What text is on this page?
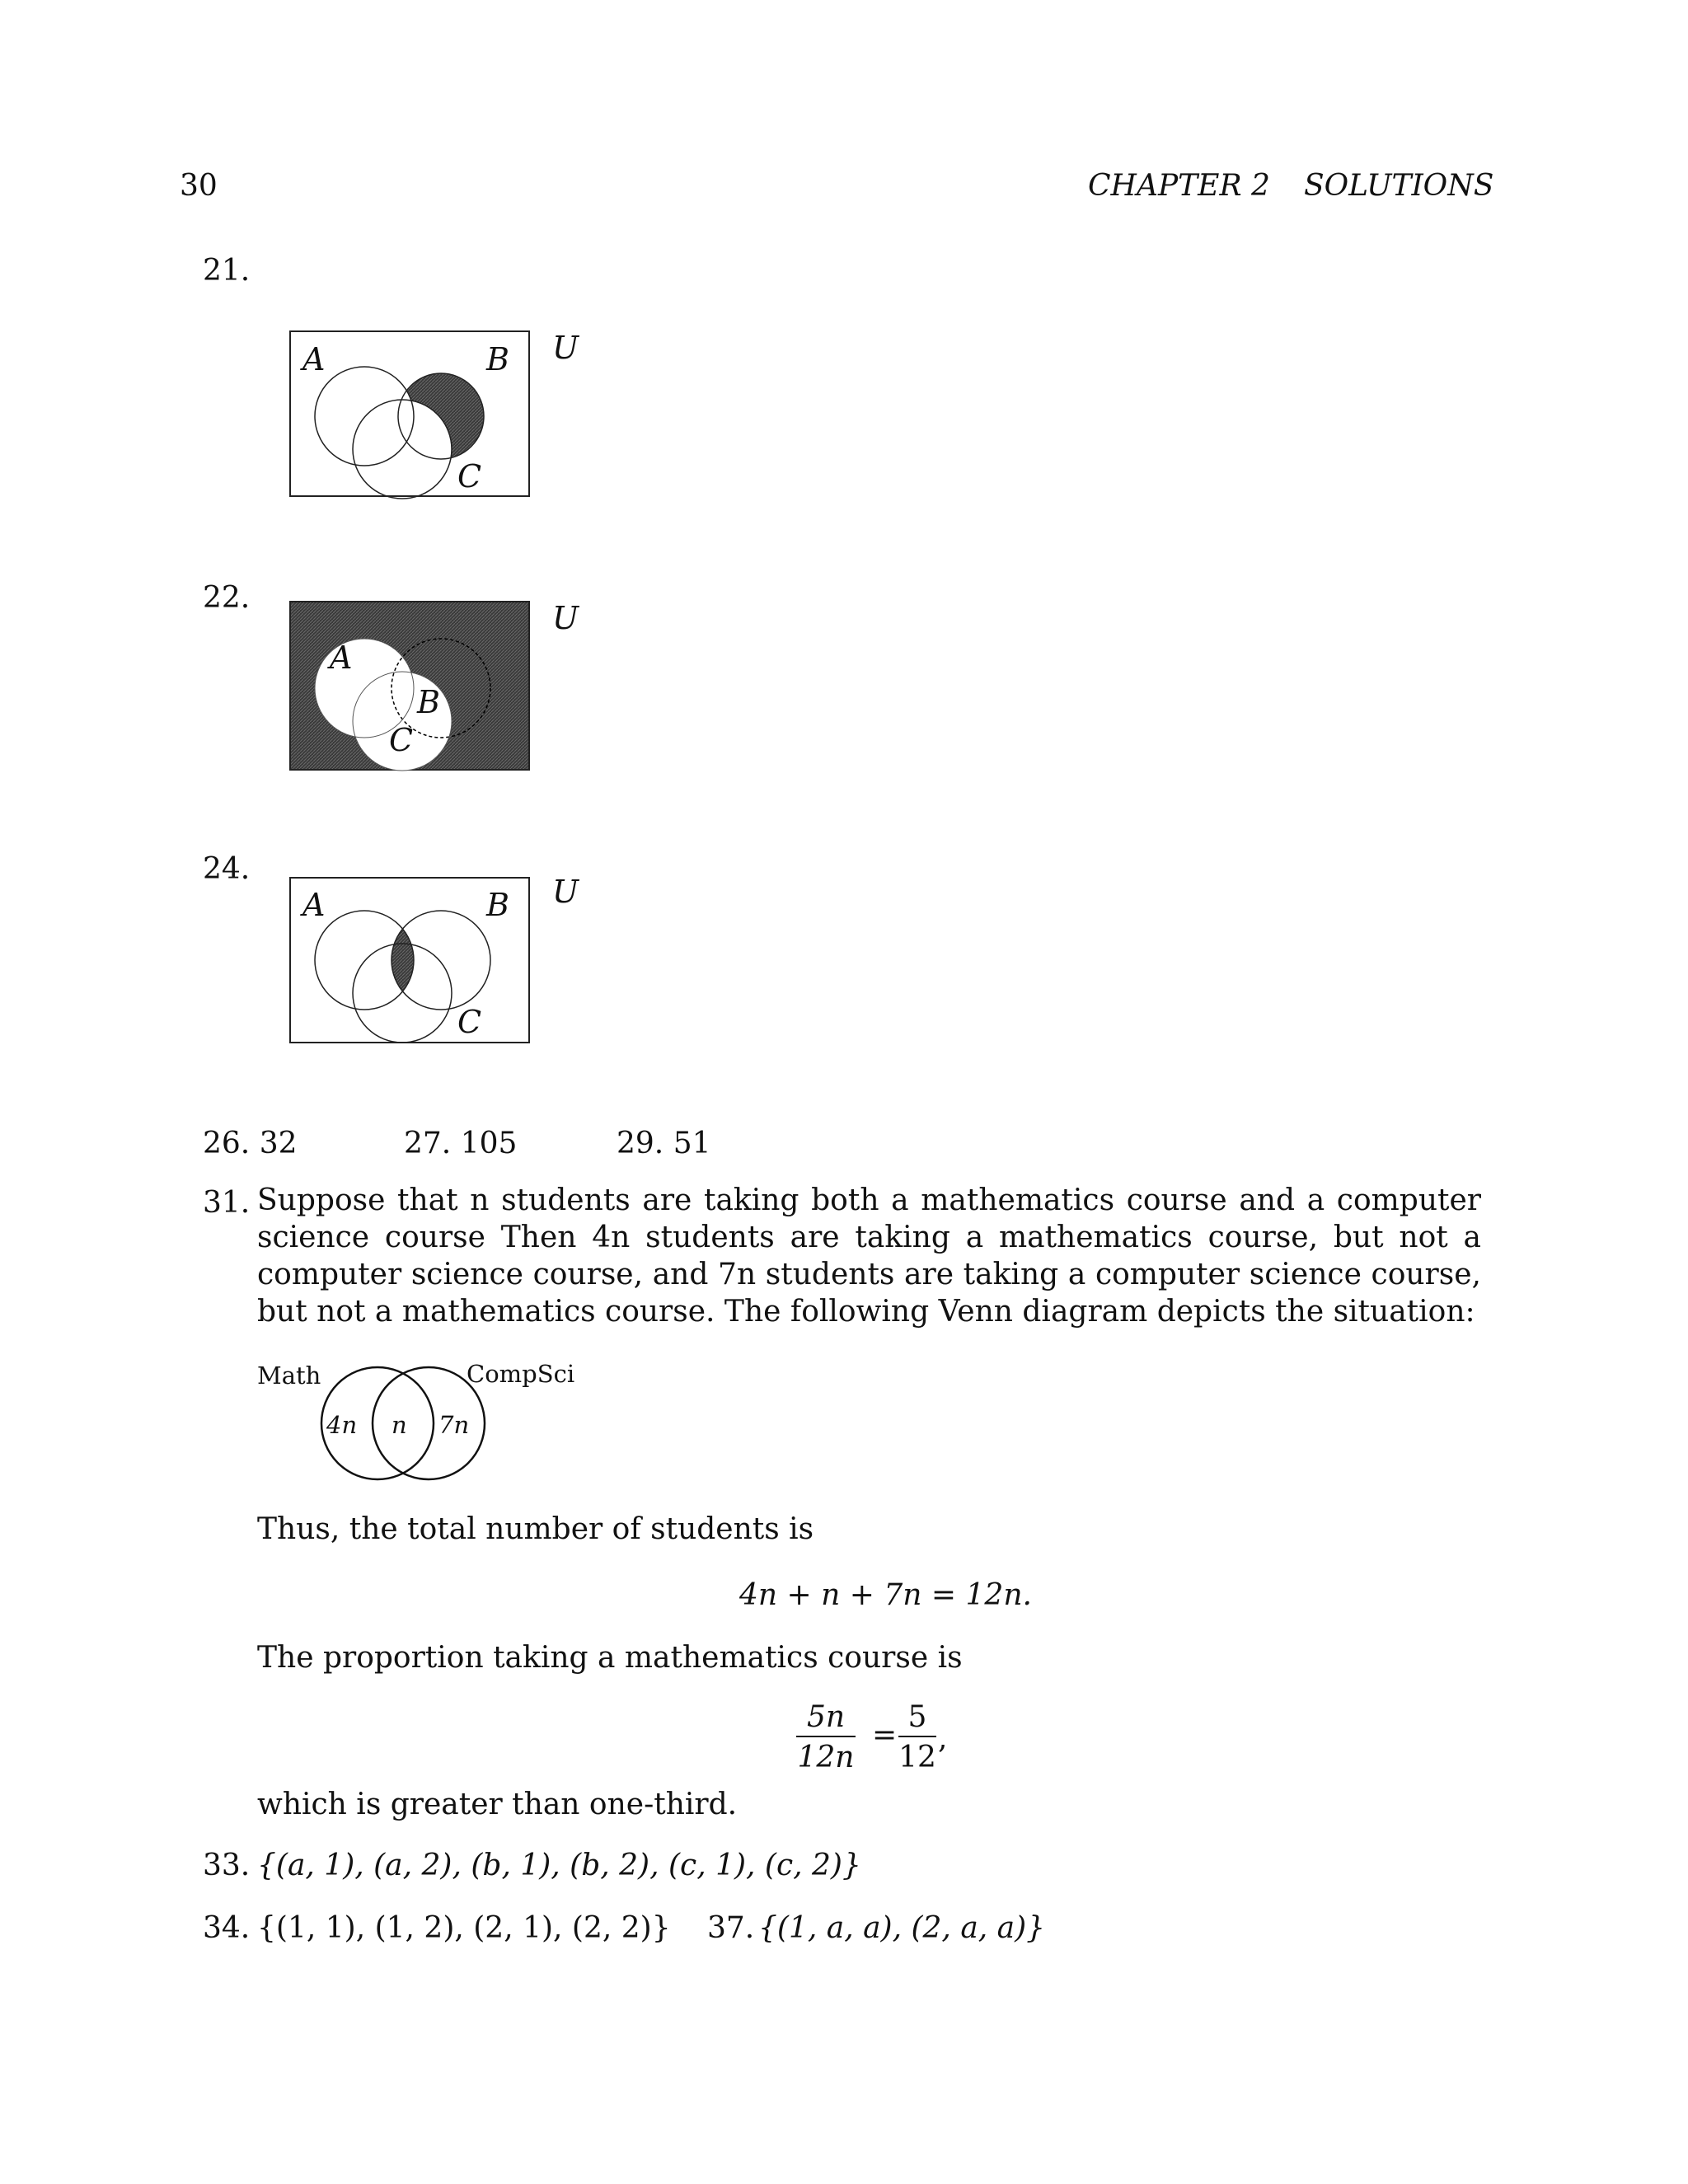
30	CHAPTER 2 SOLUTIONS
21.
22.
24.
A	B
C
U
A
B
C
U
A	B
C
U
26. 32	27. 105	29. 51
31. Suppose that n students are taking both a mathematics course and a computer science course Then 4n students are taking a mathematics course, but not a computer science course, and 7n students are taking a computer science course, but not a mathematics course. The following Venn diagram depicts the situation:
Math	CompSci
4n n 7n
Thus, the total number of students is
4n + n + 7n = 12n.
The proportion taking a mathematics course is
5n
12n
=
5
12
,
which is greater than one-third.
33. {(a, 1), (a, 2), (b, 1), (b, 2), (c, 1), (c, 2)}
34. {(1, 1), (1, 2), (2, 1), (2, 2)} 37. {(1, a, a), (2, a, a)}
